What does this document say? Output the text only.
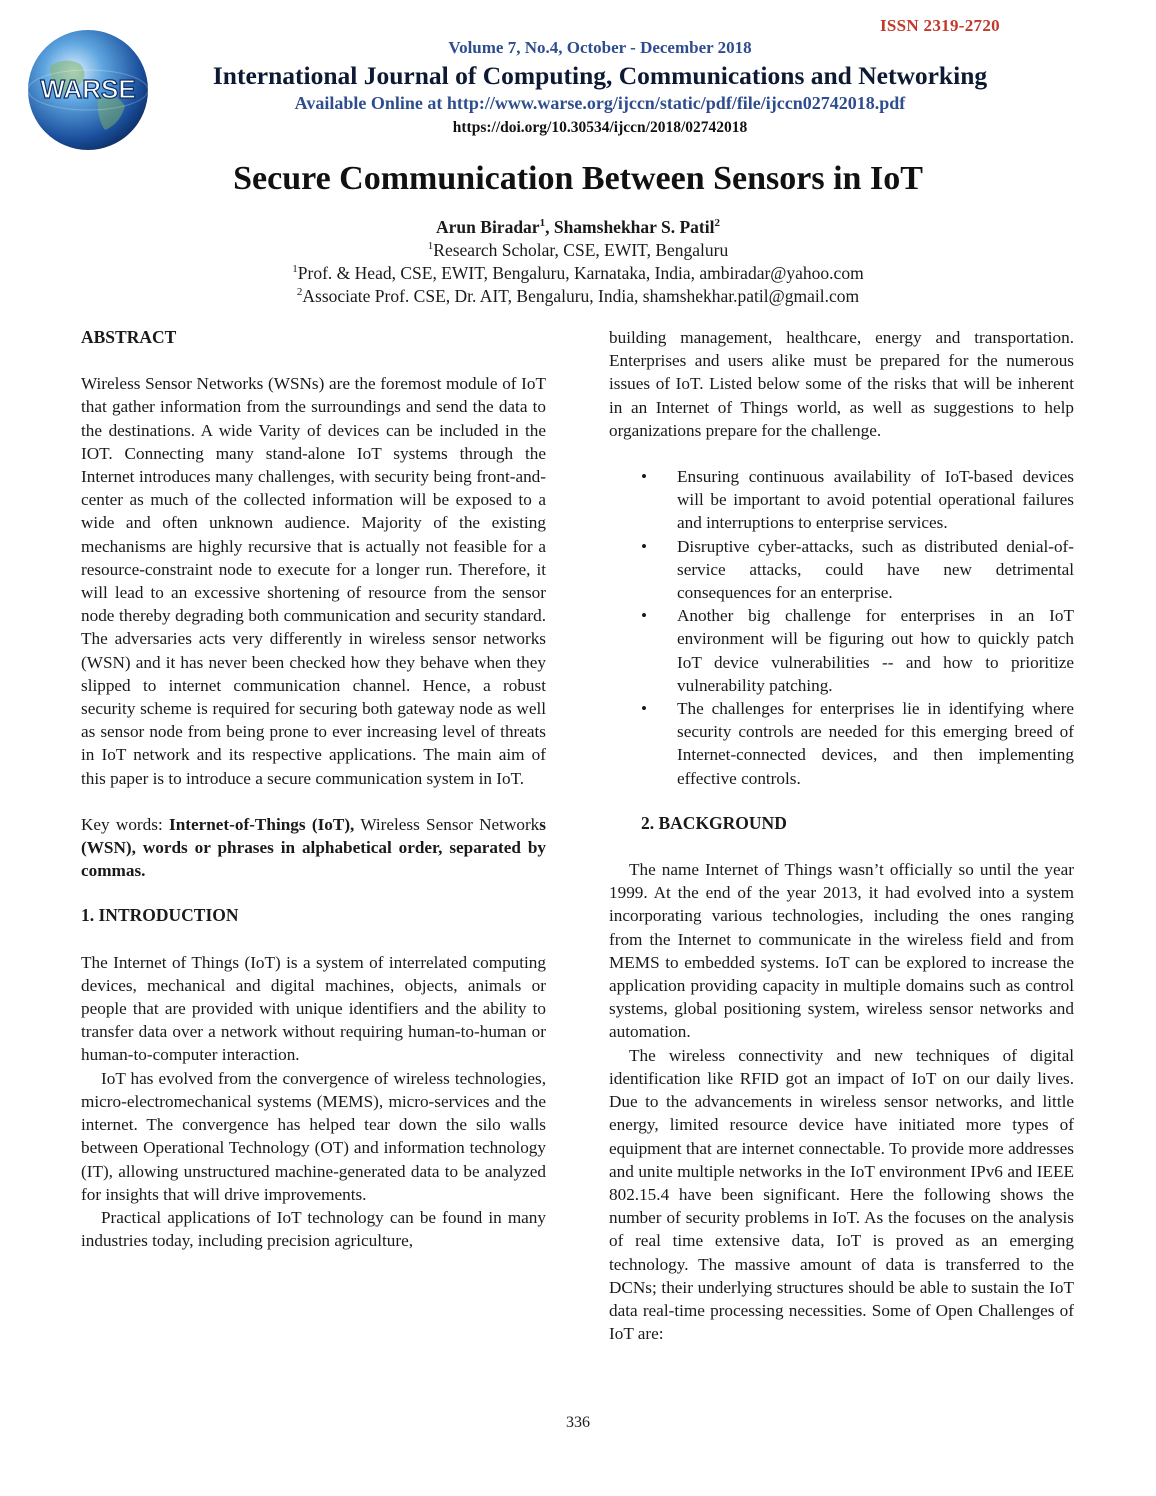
WARSE
ISSN 2319-2720
Volume 7, No.4, October - December 2018
International Journal of Computing, Communications and Networking
Available Online at http://www.warse.org/ijccn/static/pdf/file/ijccn02742018.pdf
https://doi.org/10.30534/ijccn/2018/02742018
Secure Communication Between Sensors in IoT
Arun Biradar$^1$, Shamshekhar S. Patil$^2$
$^1$Research Scholar, CSE, EWIT, Bengaluru
$^1$Prof. & Head, CSE, EWIT, Bengaluru, Karnataka, India, ambiradar@yahoo.com
$^2$Associate Prof. CSE, Dr. AIT, Bengaluru, India, shamshekhar.patil@gmail.com
ABSTRACT

Wireless Sensor Networks (WSNs) are the foremost module of IoT that gather information from the surroundings and send the data to the destinations. A wide Varity of devices can be included in the IOT. Connecting many stand-alone IoT systems through the Internet introduces many challenges, with security being front-and-center as much of the collected information will be exposed to a wide and often unknown audience. Majority of the existing mechanisms are highly recursive that is actually not feasible for a resource-constraint node to execute for a longer run. Therefore, it will lead to an excessive shortening of resource from the sensor node thereby degrading both communication and security standard. The adversaries acts very differently in wireless sensor networks (WSN) and it has never been checked how they behave when they slipped to internet communication channel. Hence, a robust security scheme is required for securing both gateway node as well as sensor node from being prone to ever increasing level of threats in IoT network and its respective applications. The main aim of this paper is to introduce a secure communication system in IoT.

Key words: Internet-of-Things (IoT), Wireless Sensor Networks (WSN), words or phrases in alphabetical order, separated by commas.

1. INTRODUCTION

The Internet of Things (IoT) is a system of interrelated computing devices, mechanical and digital machines, objects, animals or people that are provided with unique identifiers and the ability to transfer data over a network without requiring human-to-human or human-to-computer interaction.

IoT has evolved from the convergence of wireless technologies, micro-electromechanical systems (MEMS), micro-services and the internet. The convergence has helped tear down the silo walls between Operational Technology (OT) and information technology (IT), allowing unstructured machine-generated data to be analyzed for insights that will drive improvements.

Practical applications of IoT technology can be found in many industries today, including precision agriculture,

building management, healthcare, energy and transportation. Enterprises and users alike must be prepared for the numerous issues of IoT. Listed below some of the risks that will be inherent in an Internet of Things world, as well as suggestions to help organizations prepare for the challenge.

• Ensuring continuous availability of IoT-based devices will be important to avoid potential operational failures and interruptions to enterprise services.
• Disruptive cyber-attacks, such as distributed denial-of-service attacks, could have new detrimental consequences for an enterprise.
• Another big challenge for enterprises in an IoT environment will be figuring out how to quickly patch IoT device vulnerabilities -- and how to prioritize vulnerability patching.
• The challenges for enterprises lie in identifying where security controls are needed for this emerging breed of Internet-connected devices, and then implementing effective controls.
2. BACKGROUND

The name Internet of Things wasn’t officially so until the year 1999. At the end of the year 2013, it had evolved into a system incorporating various technologies, including the ones ranging from the Internet to communicate in the wireless field and from MEMS to embedded systems. IoT can be explored to increase the application providing capacity in multiple domains such as control systems, global positioning system, wireless sensor networks and automation.

The wireless connectivity and new techniques of digital identification like RFID got an impact of IoT on our daily lives. Due to the advancements in wireless sensor networks, and little energy, limited resource device have initiated more types of equipment that are internet connectable. To provide more addresses and unite multiple networks in the IoT environment IPv6 and IEEE 802.15.4 have been significant. Here the following shows the number of security problems in IoT. As the focuses on the analysis of real time extensive data, IoT is proved as an emerging technology. The massive amount of data is transferred to the DCNs; their underlying structures should be able to sustain the IoT data real-time processing necessities. Some of Open Challenges of IoT are:

336
